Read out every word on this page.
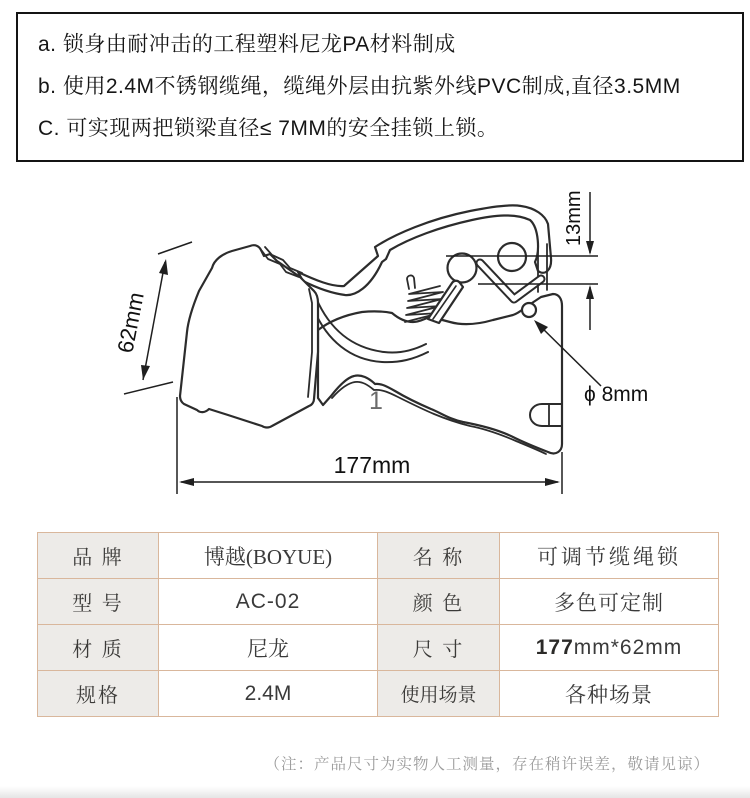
a. 锁身由耐冲击的工程塑料尼龙PA材料制成
b. 使用2.4M不锈钢缆绳，缆绳外层由抗紫外线PVC制成,直径3.5MM
C. 可实现两把锁梁直径≤ 7MM的安全挂锁上锁。
1
62mm
177mm
13mm
ϕ 8mm
品 牌	博越(BOYUE)	名 称	可调节缆绳锁
型 号	AC-02	颜 色	多色可定制
材 质	尼龙	尺 寸	177mm*62mm
规格	2.4M	使用场景	各种场景
（注：产品尺寸为实物人工测量，存在稍许误差，敬请见谅）
